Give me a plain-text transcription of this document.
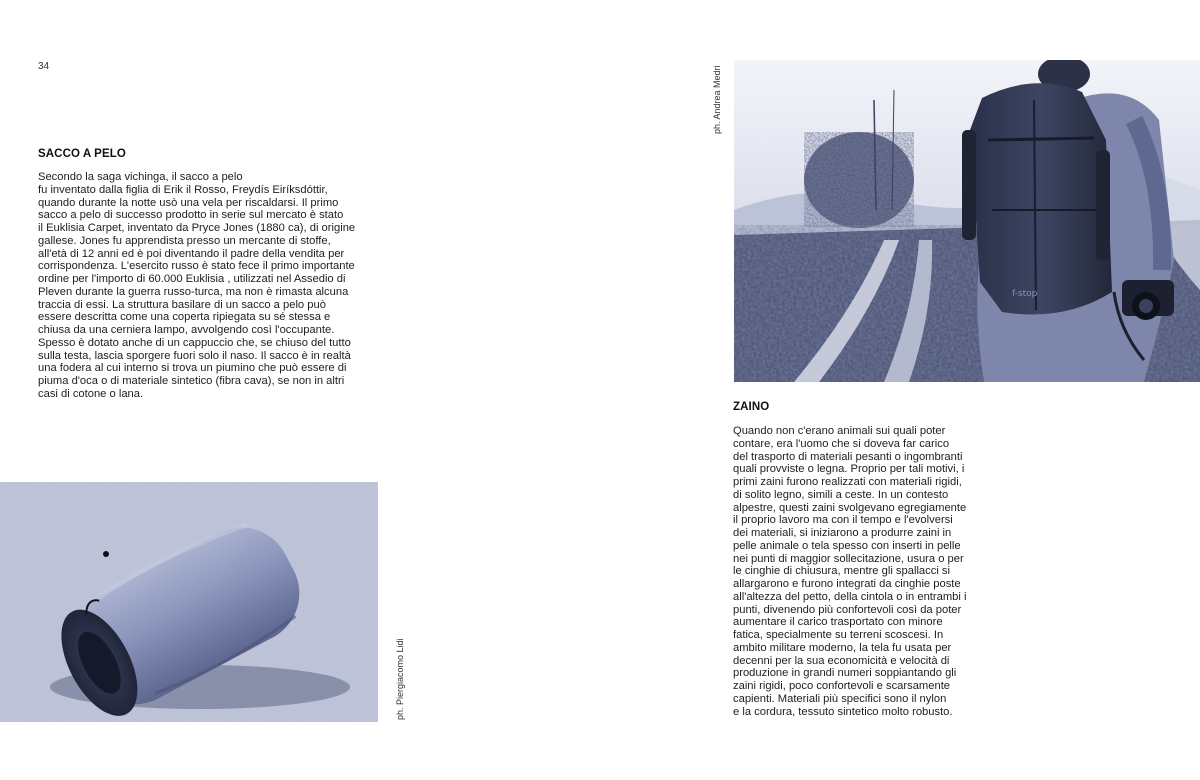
34
SACCO A PELO
Secondo la saga vichinga, il sacco a pelo
fu inventato dalla figlia di Erik il Rosso, Freydís Eiríksdóttir,
quando durante la notte usò una vela per riscaldarsi. Il primo
sacco a pelo di successo prodotto in serie sul mercato è stato
il Euklisia Carpet, inventato da Pryce Jones (1880 ca), di origine
gallese. Jones fu apprendista presso un mercante di stoffe,
all'età di 12 anni ed è poi diventando il padre della vendita per
corrispondenza. L'esercito russo è stato fece il primo importante
ordine per l'importo di 60.000 Euklisia , utilizzati nel Assedio di
Pleven durante la guerra russo-turca, ma non è rimasta alcuna
traccia di essi. La struttura basilare di un sacco a pelo può
essere descritta come una coperta ripiegata su sé stessa e
chiusa da una cerniera lampo, avvolgendo così l'occupante.
Spesso è dotato anche di un cappuccio che, se chiuso del tutto
sulla testa, lascia sporgere fuori solo il naso. Il sacco è in realtà
una fodera al cui interno si trova un piumino che può essere di
piuma d'oca o di materiale sintetico (fibra cava), se non in altri
casi di cotone o lana.
ph. Piergiacomo Lidi
f-stop
ph. Andrea Medri
ZAINO
Quando non c'erano animali sui quali poter
contare, era l'uomo che si doveva far carico
del trasporto di materiali pesanti o ingombranti
quali provviste o legna. Proprio per tali motivi, i
primi zaini furono realizzati con materiali rigidi,
di solito legno, simili a ceste. In un contesto
alpestre, questi zaini svolgevano egregiamente
il proprio lavoro ma con il tempo e l'evolversi
dei materiali, si iniziarono a produrre zaini in
pelle animale o tela spesso con inserti in pelle
nei punti di maggior sollecitazione, usura o per
le cinghie di chiusura, mentre gli spallacci si
allargarono e furono integrati da cinghie poste
all'altezza del petto, della cintola o in entrambi i
punti, divenendo più confortevoli così da poter
aumentare il carico trasportato con minore
fatica, specialmente su terreni scoscesi. In
ambito militare moderno, la tela fu usata per
decenni per la sua economicità e velocità di
produzione in grandi numeri soppiantando gli
zaini rigidi, poco confortevoli e scarsamente
capienti. Materiali più specifici sono il nylon
e la cordura, tessuto sintetico molto robusto.
